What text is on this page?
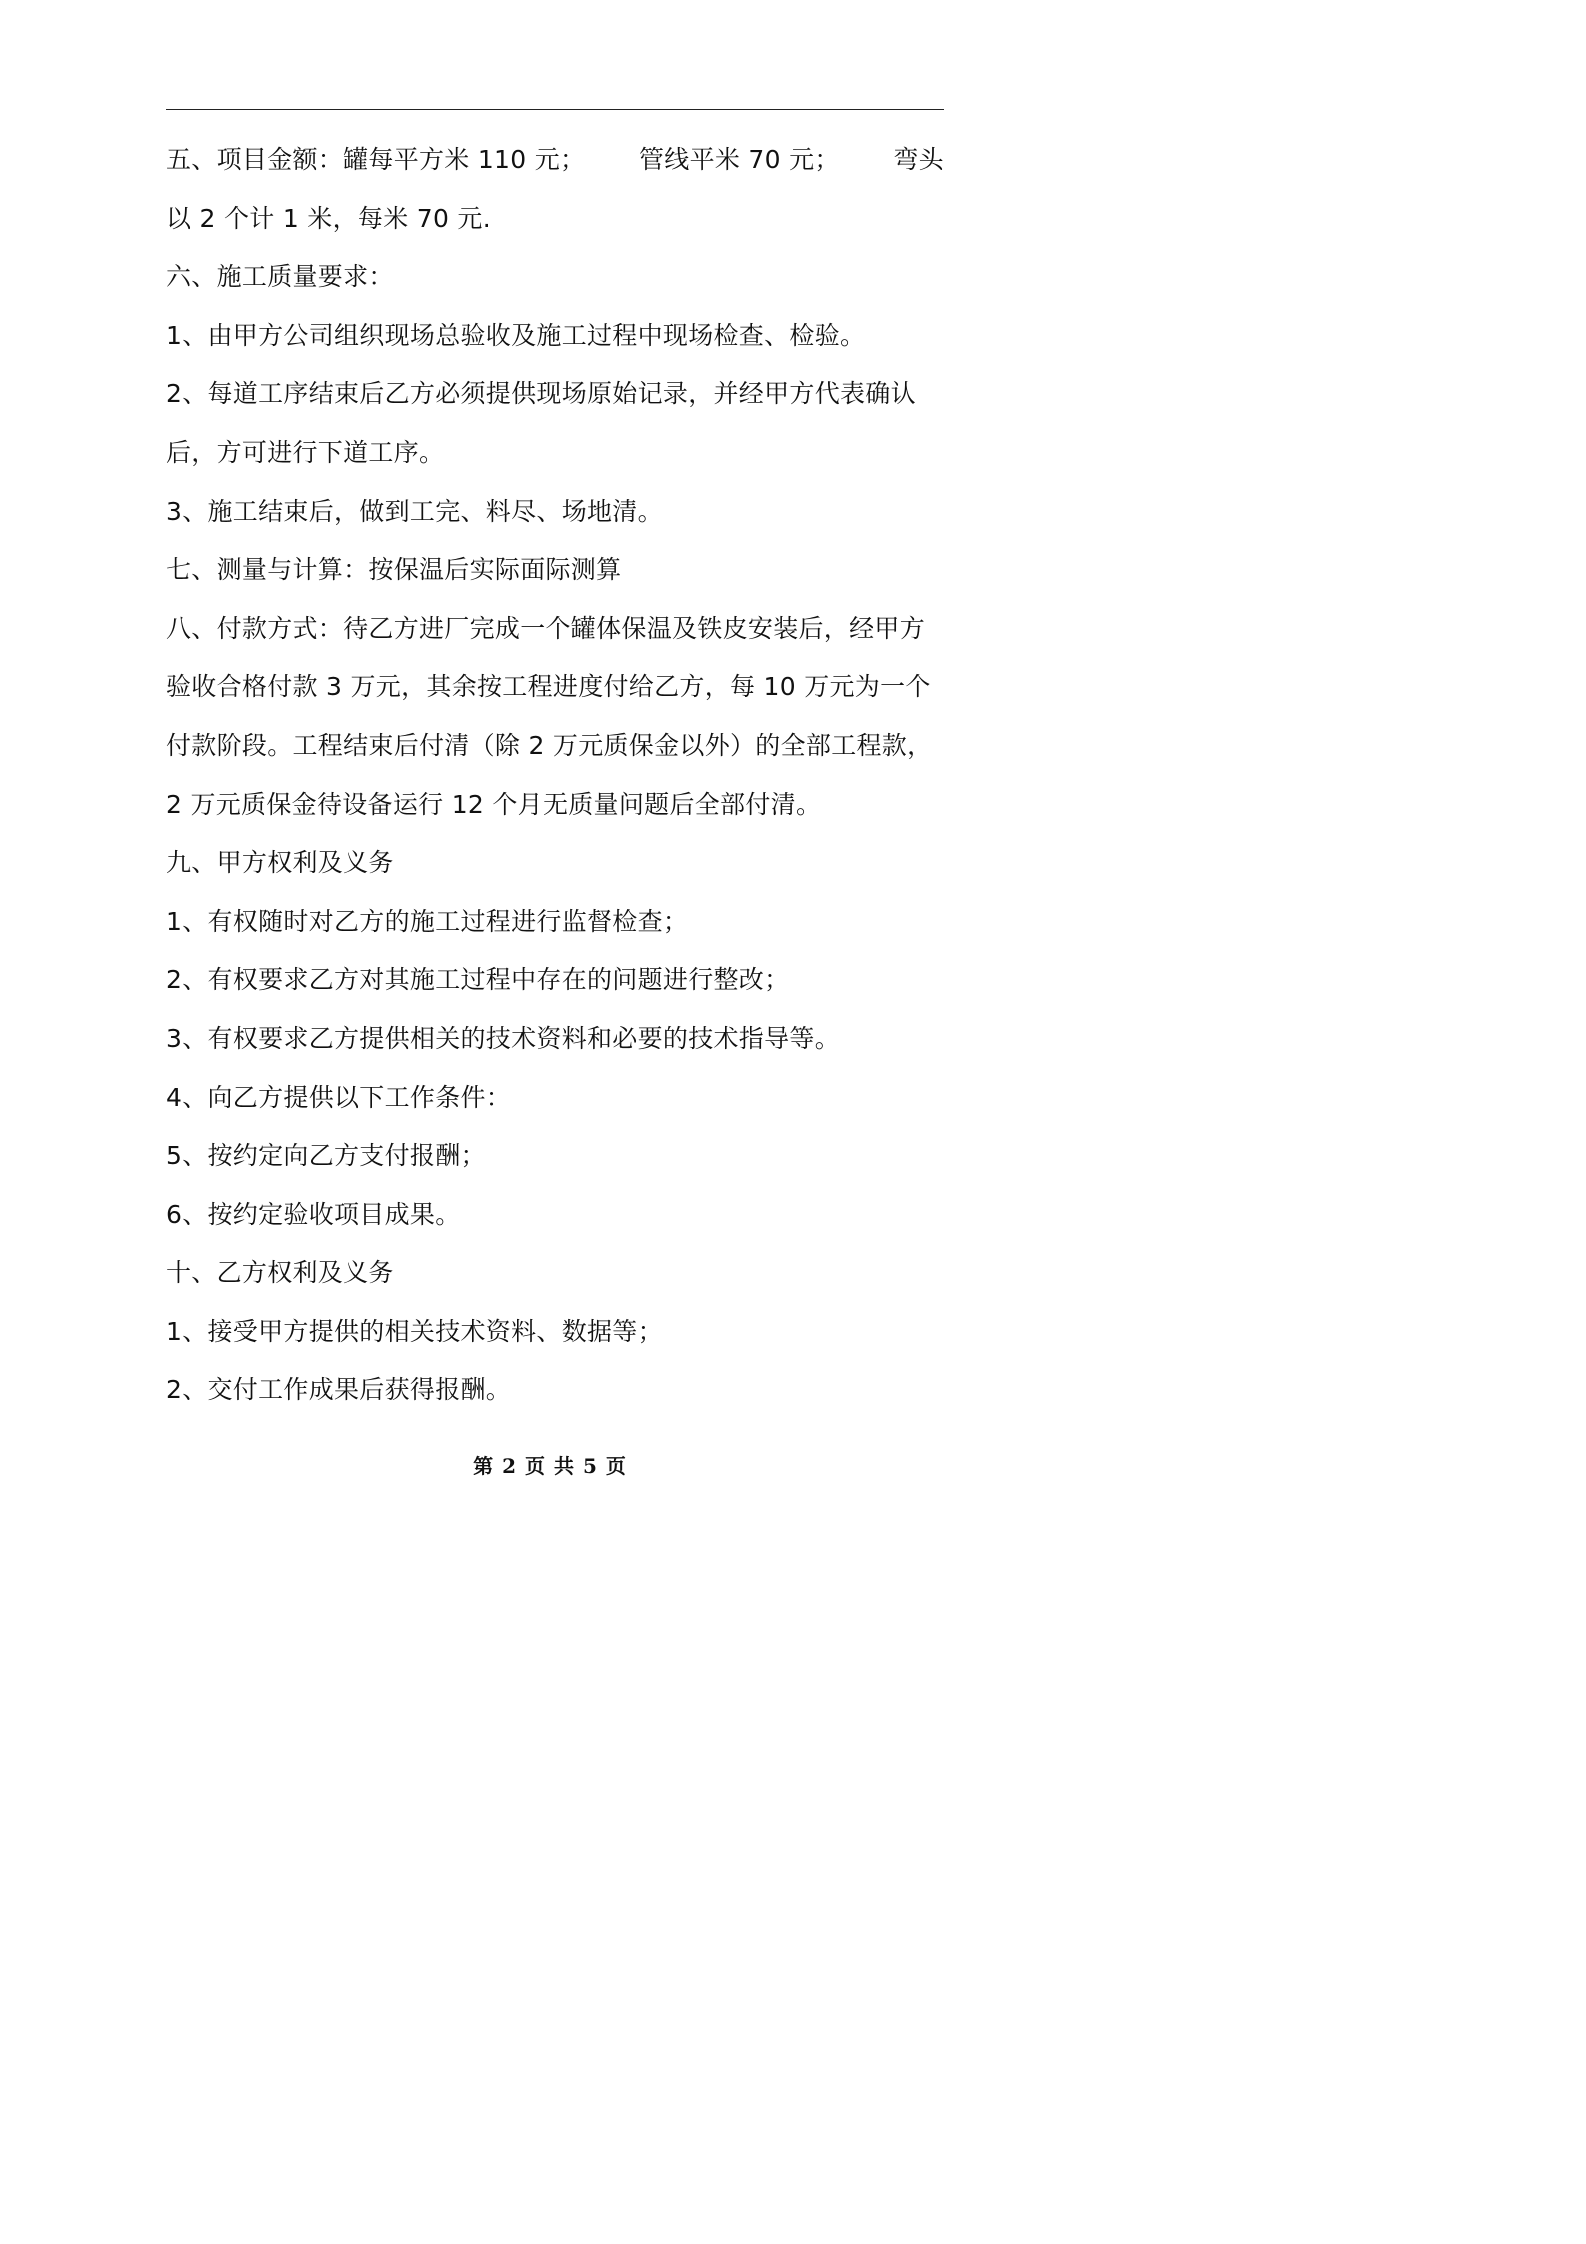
五、项目金额：罐每平方米 110 元； 管线平米 70 元； 弯头
以 2 个计 1 米，每米 70 元.
六、施工质量要求：
1、由甲方公司组织现场总验收及施工过程中现场检查、检验。
2、每道工序结束后乙方必须提供现场原始记录，并经甲方代表确认
后，方可进行下道工序。
3、施工结束后，做到工完、料尽、场地清。
七、测量与计算：按保温后实际面际测算
八、付款方式：待乙方进厂完成一个罐体保温及铁皮安装后，经甲方
验收合格付款 3 万元，其余按工程进度付给乙方，每 10 万元为一个
付款阶段。工程结束后付清（除 2 万元质保金以外）的全部工程款，
2 万元质保金待设备运行 12 个月无质量问题后全部付清。
九、甲方权利及义务
1、有权随时对乙方的施工过程进行监督检查；
2、有权要求乙方对其施工过程中存在的问题进行整改；
3、有权要求乙方提供相关的技术资料和必要的技术指导等。
4、向乙方提供以下工作条件：
5、按约定向乙方支付报酬；
6、按约定验收项目成果。
十、乙方权利及义务
1、接受甲方提供的相关技术资料、数据等；
2、交付工作成果后获得报酬。
第 2 页 共 5 页
